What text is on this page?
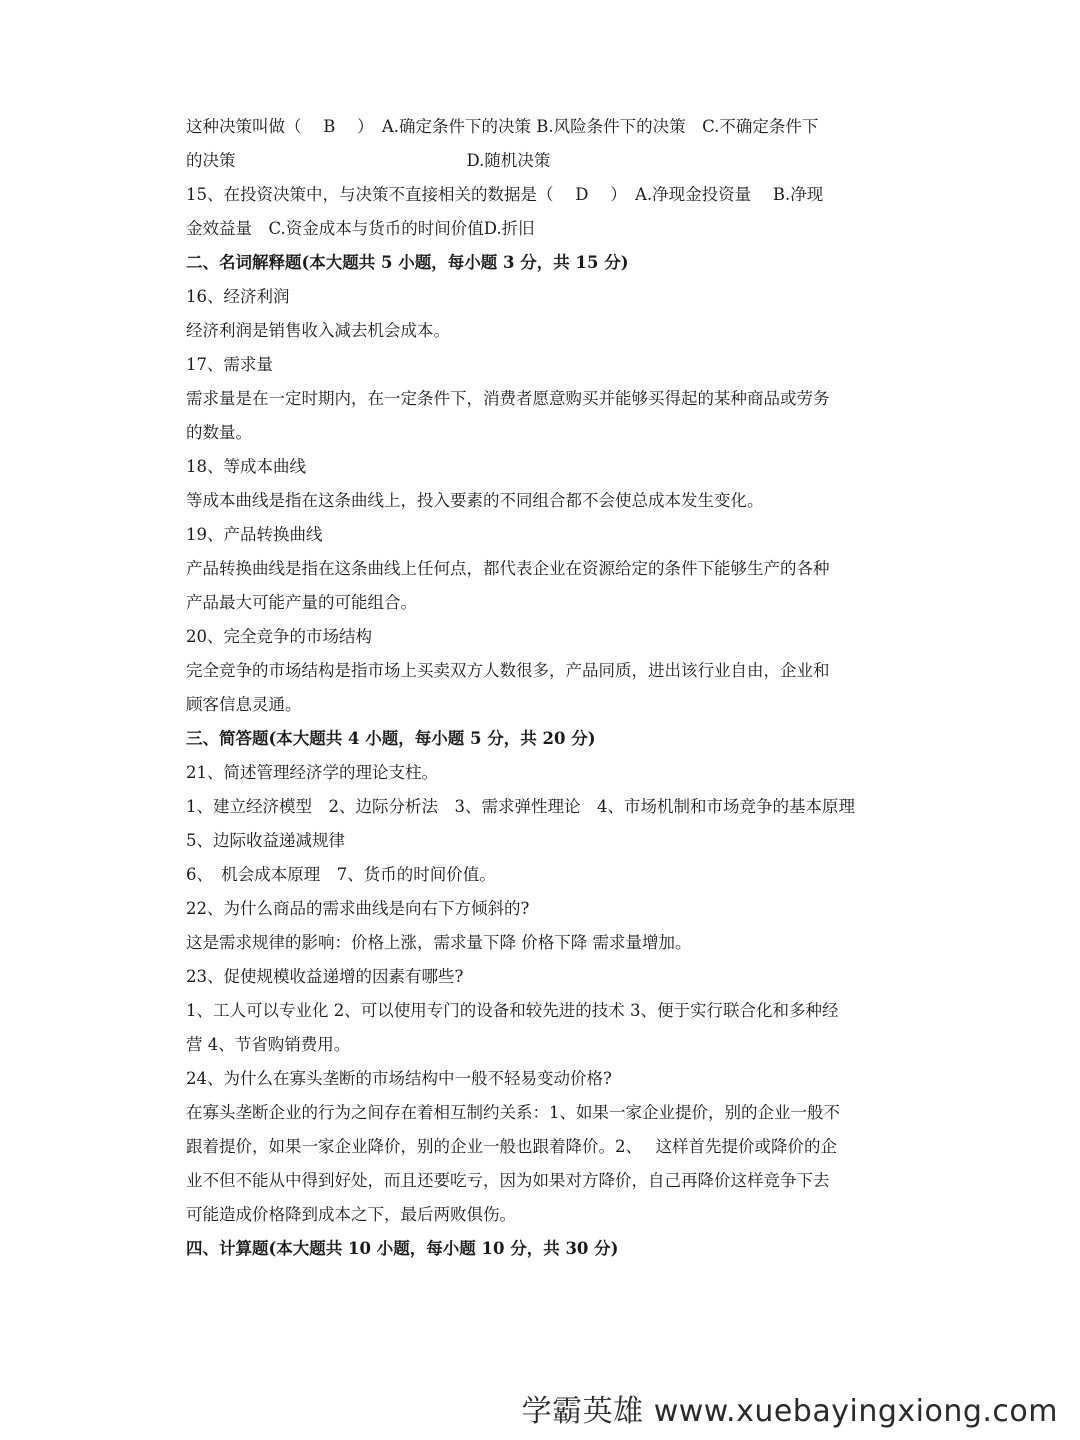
这种决策叫做（　 B　 ）　A.确定条件下的决策 B.风险条件下的决策　C.不确定条件下
的决策　　　　　　　　　　　　　　D.随机决策
15、在投资决策中，与决策不直接相关的数据是（　 D　 ）　A.净现金投资量　 B.净现
金效益量　C.资金成本与货币的时间价值D.折旧
二、名词解释题(本大题共 5 小题，每小题 3 分，共 15 分)
16、经济利润
经济利润是销售收入减去机会成本。
17、需求量
需求量是在一定时期内，在一定条件下，消费者愿意购买并能够买得起的某种商品或劳务
的数量。
18、等成本曲线
等成本曲线是指在这条曲线上，投入要素的不同组合都不会使总成本发生变化。
19、产品转换曲线
产品转换曲线是指在这条曲线上任何点，都代表企业在资源给定的条件下能够生产的各种
产品最大可能产量的可能组合。
20、完全竞争的市场结构
完全竞争的市场结构是指市场上买卖双方人数很多，产品同质，进出该行业自由，企业和
顾客信息灵通。
三、简答题(本大题共 4 小题，每小题 5 分，共 20 分)
21、简述管理经济学的理论支柱。
1、建立经济模型　2、边际分析法　3、需求弹性理论　4、市场机制和市场竞争的基本原理
5、边际收益递减规律
6、　机会成本原理　7、货币的时间价值。
22、为什么商品的需求曲线是向右下方倾斜的?
这是需求规律的影响：价格上涨，需求量下降 价格下降 需求量增加。
23、促使规模收益递增的因素有哪些?
1、工人可以专业化 2、可以使用专门的设备和较先进的技术 3、便于实行联合化和多种经
营 4、节省购销费用。
24、为什么在寡头垄断的市场结构中一般不轻易变动价格?
在寡头垄断企业的行为之间存在着相互制约关系：1、如果一家企业提价，别的企业一般不
跟着提价，如果一家企业降价，别的企业一般也跟着降价。2、　 这样首先提价或降价的企
业不但不能从中得到好处，而且还要吃亏，因为如果对方降价，自己再降价这样竞争下去
可能造成价格降到成本之下，最后两败俱伤。
四、计算题(本大题共 10 小题，每小题 10 分，共 30 分)
学霸英雄 www.xuebayingxiong.com
